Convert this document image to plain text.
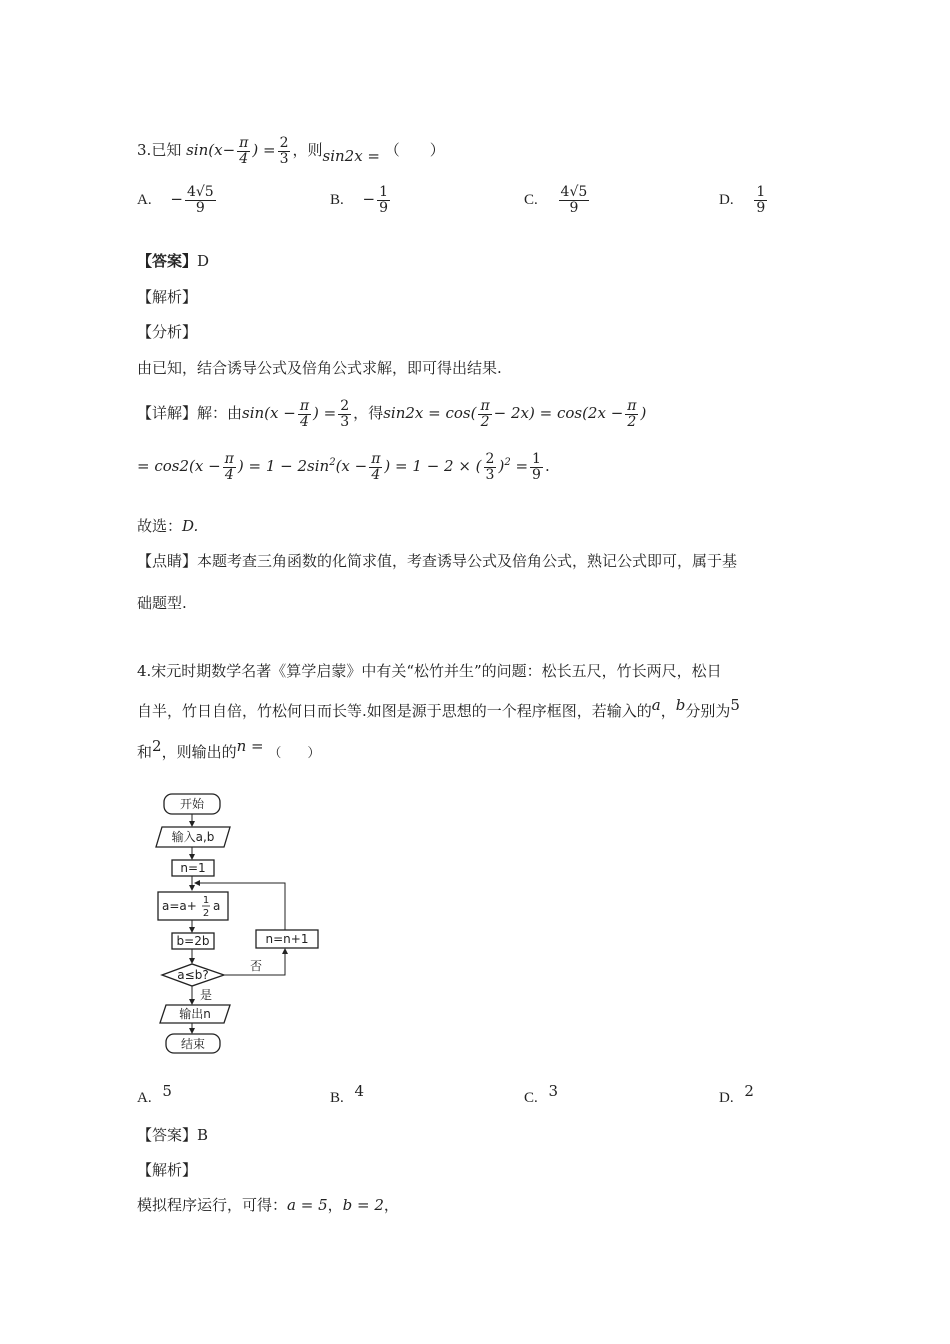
3.已知 $\sin(x- \frac{\pi}{4}$ ) = $\frac{2}{3}$ ，则sin2x = （　　）
A. − $\frac{4√5}{9}$	B. − $\frac{1}{9}$	C. $\frac{4√5}{9}$	D. $\frac{1}{9}$
【答案】D
【解析】
【分析】
由已知，结合诱导公式及倍角公式求解，即可得出结果.
【详解】解：由$\sin(x - \frac{\pi}{4}$ ) = $\frac{2}{3}$ ，得$\sin 2x = \cos( \frac{\pi}{2} - 2x) = \cos(2x - \frac{\pi}{2}$ )
= $\cos 2(x - \frac{\pi}{4}$ ) = $1 - 2\sin^2(x - \frac{\pi}{4}$ ) = 1 − 2 × ( $\frac{2}{3} )^2 = \frac{1}{9}$ .
故选：D.
【点睛】本题考查三角函数的化简求值，考查诱导公式及倍角公式，熟记公式即可，属于基
础题型.
4.宋元时期数学名著《算学启蒙》中有关“松竹并生”的问题：松长五尺，竹长两尺，松日
自半，竹日自倍，竹松何日而长等.如图是源于思想的一个程序框图，若输入的a，b分别为5
和2，则输出的n = （　　）
开始
输入a,b
n=1
a=a+ 1
2
a
b=2b	n=n+1
a≤b?
否
是
输出n
结束
A. 5	B. 4	C. 3	D. 2
【答案】B
【解析】
模拟程序运行，可得：a = 5，b = 2，
